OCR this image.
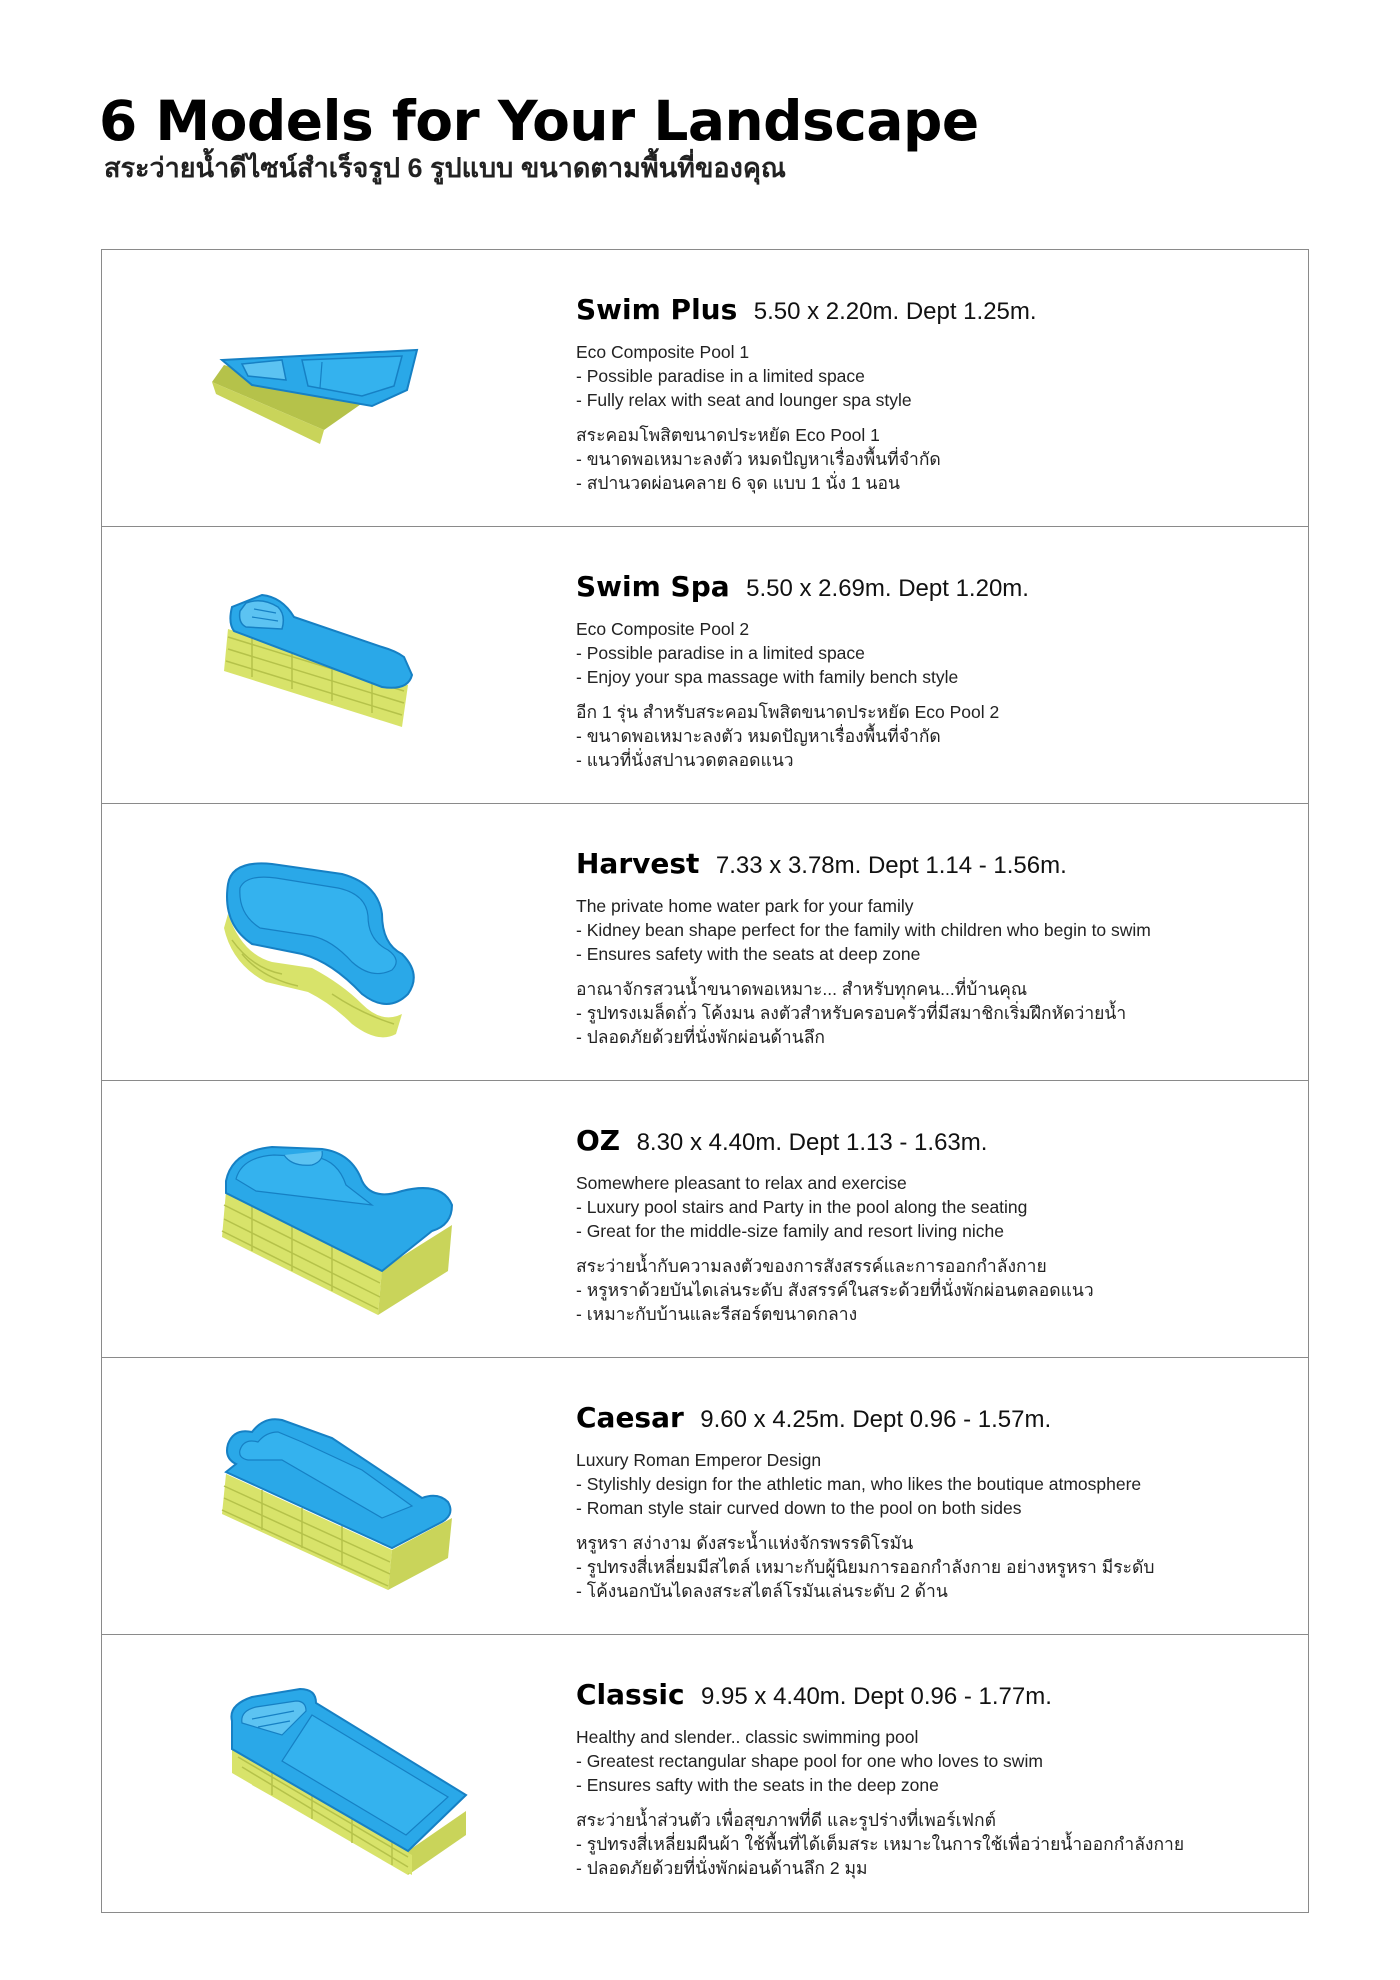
6 Models for Your Landscape
สระว่ายน้ำดีไซน์สำเร็จรูป 6 รูปแบบ ขนาดตามพื้นที่ของคุณ
Swim Plus 5.50 x 2.20m. Dept 1.25m.
Eco Composite Pool 1
- Possible paradise in a limited space
- Fully relax with seat and lounger spa style
สระคอมโพสิตขนาดประหยัด Eco Pool 1
- ขนาดพอเหมาะลงตัว หมดปัญหาเรื่องพื้นที่จำกัด
- สปานวดผ่อนคลาย 6 จุด แบบ 1 นั่ง 1 นอน
Swim Spa 5.50 x 2.69m. Dept 1.20m.
Eco Composite Pool 2
- Possible paradise in a limited space
- Enjoy your spa massage with family bench style
อีก 1 รุ่น สำหรับสระคอมโพสิตขนาดประหยัด Eco Pool 2
- ขนาดพอเหมาะลงตัว หมดปัญหาเรื่องพื้นที่จำกัด
- แนวที่นั่งสปานวดตลอดแนว
Harvest 7.33 x 3.78m. Dept 1.14 - 1.56m.
The private home water park for your family
- Kidney bean shape perfect for the family with children who begin to swim
- Ensures safety with the seats at deep zone
อาณาจักรสวนน้ำขนาดพอเหมาะ... สำหรับทุกคน...ที่บ้านคุณ
- รูปทรงเมล็ดถั่ว โค้งมน ลงตัวสำหรับครอบครัวที่มีสมาชิกเริ่มฝึกหัดว่ายน้ำ
- ปลอดภัยด้วยที่นั่งพักผ่อนด้านลึก
OZ 8.30 x 4.40m. Dept 1.13 - 1.63m.
Somewhere pleasant to relax and exercise
- Luxury pool stairs and Party in the pool along the seating
- Great for the middle-size family and resort living niche
สระว่ายน้ำกับความลงตัวของการสังสรรค์และการออกกำลังกาย
- หรูหราด้วยบันไดเล่นระดับ สังสรรค์ในสระด้วยที่นั่งพักผ่อนตลอดแนว
- เหมาะกับบ้านและรีสอร์ตขนาดกลาง
Caesar 9.60 x 4.25m. Dept 0.96 - 1.57m.
Luxury Roman Emperor Design
- Stylishly design for the athletic man, who likes the boutique atmosphere
- Roman style stair curved down to the pool on both sides
หรูหรา สง่างาม ดังสระน้ำแห่งจักรพรรดิโรมัน
- รูปทรงสี่เหลี่ยมมีสไตล์ เหมาะกับผู้นิยมการออกกำลังกาย อย่างหรูหรา มีระดับ
- โค้งนอกบันไดลงสระสไตล์โรมันเล่นระดับ 2 ด้าน
Classic 9.95 x 4.40m. Dept 0.96 - 1.77m.
Healthy and slender.. classic swimming pool
- Greatest rectangular shape pool for one who loves to swim
- Ensures safty with the seats in the deep zone
สระว่ายน้ำส่วนตัว เพื่อสุขภาพที่ดี และรูปร่างที่เพอร์เฟกต์
- รูปทรงสี่เหลี่ยมผืนผ้า ใช้พื้นที่ได้เต็มสระ เหมาะในการใช้เพื่อว่ายน้ำออกกำลังกาย
- ปลอดภัยด้วยที่นั่งพักผ่อนด้านลึก 2 มุม
